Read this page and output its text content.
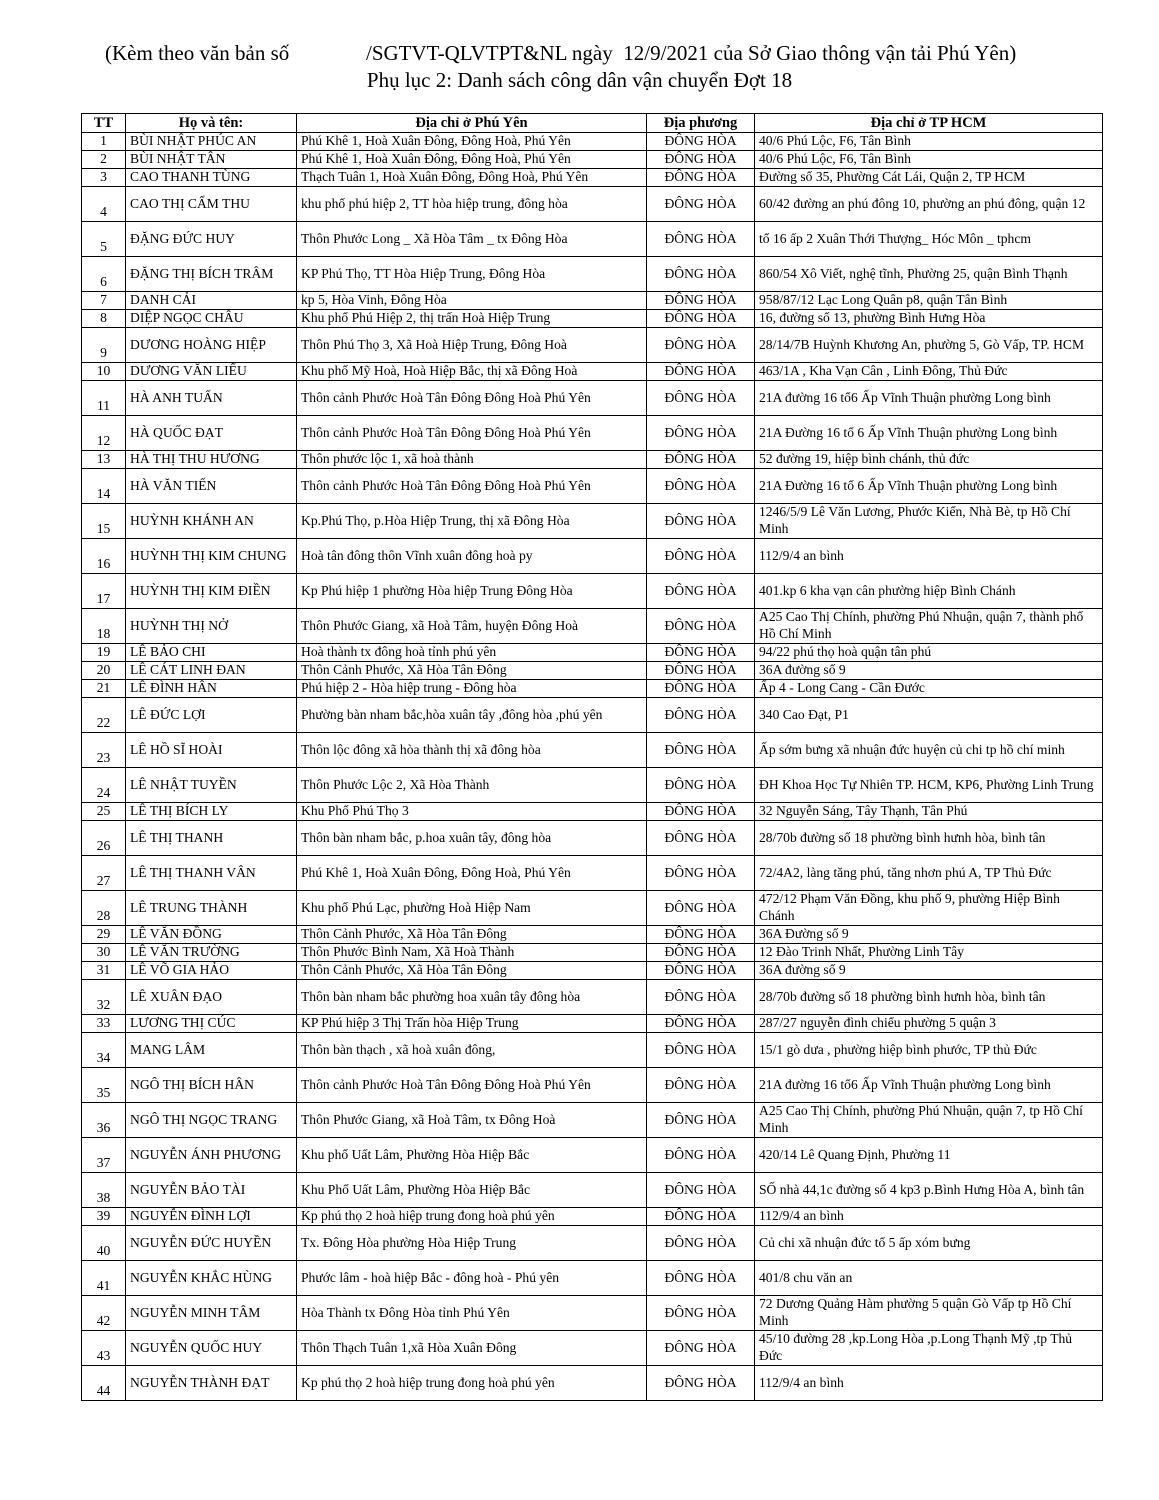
(Kèm theo văn bản số	/SGTVT-QLVTPT&NL ngày  12/9/2021 của Sở Giao thông vận tải Phú Yên)
Phụ lục 2: Danh sách công dân vận chuyển Đợt 18
TT	Họ và tên:	Địa chỉ ở Phú Yên	Địa phương	Địa chỉ ở TP HCM
1	BÙI NHẬT PHÚC AN	Phú Khê 1, Hoà Xuân Đông, Đông Hoà, Phú Yên	ĐÔNG HÒA	40/6 Phú Lộc, F6, Tân Bình
2	BÙI NHẬT TÂN	Phú Khê 1, Hoà Xuân Đông, Đông Hoà, Phú Yên	ĐÔNG HÒA	40/6 Phú Lộc, F6, Tân Bình
3	CAO THANH TÙNG	Thạch Tuân 1, Hoà Xuân Đông, Đông Hoà, Phú Yên	ĐÔNG HÒA	Đường số 35, Phường Cát Lái, Quận 2, TP HCM
4	CAO THỊ CẨM THU	khu phố phú hiệp 2, TT hòa hiệp trung, đông hòa	ĐÔNG HÒA	60/42 đường an phú đông 10, phường an phú đông, quận 12
5	ĐẶNG ĐỨC HUY	Thôn Phước Long _ Xã Hòa Tâm _ tx Đông Hòa	ĐÔNG HÒA	tổ 16 ấp 2 Xuân Thới Thượng_ Hóc Môn _ tphcm
6	ĐẶNG THỊ BÍCH TRÂM	KP Phú Thọ, TT Hòa Hiệp Trung, Đông Hòa	ĐÔNG HÒA	860/54 Xô Viết, nghệ tĩnh, Phường 25, quận Bình Thạnh
7	DANH CẢI	kp 5, Hòa Vinh, Đông Hòa	ĐÔNG HÒA	958/87/12 Lạc Long Quân p8, quận Tân Bình
8	DIỆP NGỌC CHÂU	Khu phố Phú Hiệp 2, thị trấn Hoà Hiệp Trung	ĐÔNG HÒA	16, đường số 13, phường Bình Hưng Hòa
9	DƯƠNG HOÀNG HIỆP	Thôn Phú Thọ 3, Xã Hoà Hiệp Trung, Đông Hoà	ĐÔNG HÒA	28/14/7B Huỳnh Khương An, phường 5, Gò Vấp, TP. HCM
10	DƯƠNG VĂN LIỂU	Khu phố Mỹ Hoà, Hoà Hiệp Bắc, thị xã Đông Hoà	ĐÔNG HÒA	463/1A , Kha Vạn Cân , Linh Đông, Thủ Đức
11	HÀ ANH TUẤN	Thôn cảnh Phước Hoà Tân Đông Đông Hoà Phú Yên	ĐÔNG HÒA	21A đường 16 tổ6 Ấp Vĩnh Thuận phường Long bình
12	HÀ QUỐC ĐẠT	Thôn cảnh Phước Hoà Tân Đông Đông Hoà Phú Yên	ĐÔNG HÒA	21A Đường 16 tổ 6 Ấp Vĩnh Thuận phường Long bình
13	HÀ THỊ THU HƯƠNG	Thôn phước lộc 1, xã hoà thành	ĐÔNG HÒA	52 đường 19, hiệp bình chánh, thủ đức
14	HÀ VĂN TIẾN	Thôn cảnh Phước Hoà Tân Đông Đông Hoà Phú Yên	ĐÔNG HÒA	21A Đường 16 tổ 6 Ấp Vĩnh Thuận phường Long bình
15	HUỲNH KHÁNH AN	Kp.Phú Thọ, p.Hòa Hiệp Trung, thị xã Đông Hòa	ĐÔNG HÒA	1246/5/9 Lê Văn Lương, Phước Kiển, Nhà Bè, tp Hồ Chí Minh
16	HUỲNH THỊ KIM CHUNG	Hoà tân đông thôn Vĩnh xuân đông hoà py	ĐÔNG HÒA	112/9/4 an bình
17	HUỲNH THỊ KIM ĐIỀN	Kp Phú hiệp 1 phường Hòa hiệp Trung Đông Hòa	ĐÔNG HÒA	401.kp 6 kha vạn cân phường hiệp Bình Chánh
18	HUỲNH THỊ NỞ	Thôn Phước Giang, xã Hoà Tâm, huyện Đông Hoà	ĐÔNG HÒA	A25 Cao Thị Chính, phường Phú Nhuận, quận 7, thành phố Hồ Chí Minh
19	LÊ BẢO CHI	Hoà thành tx đông hoà tỉnh phú yên	ĐÔNG HÒA	94/22 phú thọ hoà quận tân phú
20	LÊ CÁT LINH ĐAN	Thôn Cảnh Phước, Xã Hòa Tân Đông	ĐÔNG HÒA	36A đường số 9
21	LÊ ĐÌNH HÂN	Phú hiệp 2 - Hòa hiệp trung - Đông hòa	ĐÔNG HÒA	Ấp 4 - Long Cang - Cần Đước
22	LÊ ĐỨC LỢI	Phường bàn nham bắc,hòa xuân tây ,đông hòa ,phú yên	ĐÔNG HÒA	340 Cao Đạt, P1
23	LÊ HỒ SĨ HOÀI	Thôn lộc đông xã hòa thành thị xã đông hòa	ĐÔNG HÒA	Ấp sớm bưng xã nhuận đức huyện củ chi tp hồ chí minh
24	LÊ NHẬT TUYỀN	Thôn Phước Lộc 2, Xã Hòa Thành	ĐÔNG HÒA	ĐH Khoa Học Tự Nhiên TP. HCM, KP6, Phường Linh Trung
25	LÊ THỊ BÍCH LY	Khu Phố Phú Thọ 3	ĐÔNG HÒA	32 Nguyễn Sáng, Tây Thạnh, Tân Phú
26	LÊ THỊ THANH	Thôn bàn nham bắc, p.hoa xuân tây, đông hòa	ĐÔNG HÒA	28/70b đường số 18 phường bình hưnh hòa, bình tân
27	LÊ THỊ THANH VÂN	Phú Khê 1, Hoà Xuân Đông, Đông Hoà, Phú Yên	ĐÔNG HÒA	72/4A2, làng tăng phú, tăng nhơn phú A, TP Thủ Đức
28	LÊ TRUNG THÀNH	Khu phố Phú Lạc, phường Hoà Hiệp Nam	ĐÔNG HÒA	472/12 Phạm Văn Đồng, khu phố 9, phường Hiệp Bình Chánh
29	LÊ VĂN ĐỒNG	Thôn Cảnh Phước, Xã Hòa Tân Đông	ĐÔNG HÒA	36A Đường số 9
30	LÊ VĂN TRƯỜNG	Thôn Phước Bình Nam, Xã Hoà Thành	ĐÔNG HÒA	12 Đào Trinh Nhất, Phường Linh Tây
31	LÊ VÕ GIA HẢO	Thôn Cảnh Phước, Xã Hòa Tân Đông	ĐÔNG HÒA	36A đường số 9
32	LÊ XUÂN ĐẠO	Thôn bàn nham bắc phường hoa xuân tây đông hòa	ĐÔNG HÒA	28/70b đường số 18 phường bình hưnh hòa, bình tân
33	LƯƠNG THỊ CÚC	KP Phú hiệp 3 Thị Trấn hòa Hiệp Trung	ĐÔNG HÒA	287/27 nguyễn đình chiểu phường 5 quận 3
34	MANG LÂM	Thôn bàn thạch , xã hoà xuân đông,	ĐÔNG HÒA	15/1 gò dưa , phường hiệp bình phước, TP thủ Đức
35	NGÔ THỊ BÍCH HÂN	Thôn cảnh Phước Hoà Tân Đông Đông Hoà Phú Yên	ĐÔNG HÒA	21A đường 16 tổ6 Ấp Vĩnh Thuận phường Long bình
36	NGÔ THỊ NGỌC TRANG	Thôn Phước Giang, xã Hoà Tâm, tx Đông Hoà	ĐÔNG HÒA	A25 Cao Thị Chính, phường Phú Nhuận, quận 7, tp Hồ Chí Minh
37	NGUYỄN ÁNH PHƯƠNG	Khu phố Uất Lâm, Phường Hòa Hiệp Bắc	ĐÔNG HÒA	420/14 Lê Quang Định, Phường 11
38	NGUYỄN BẢO TÀI	Khu Phố Uất Lâm, Phường Hòa Hiệp Bắc	ĐÔNG HÒA	SỐ nhà 44,1c đường số 4 kp3 p.Bình Hưng Hòa A, bình tân
39	NGUYỄN ĐÌNH LỢI	Kp phú thọ 2 hoà hiệp trung đong hoà phú yên	ĐÔNG HÒA	112/9/4 an bình
40	NGUYỄN ĐỨC HUYỀN	Tx. Đông Hòa phường Hòa Hiệp Trung	ĐÔNG HÒA	Củ chi xã nhuận đức tổ 5 ấp xóm bưng
41	NGUYỄN KHẮC HÙNG	Phước lâm - hoà hiệp Bắc - đông hoà - Phú yên	ĐÔNG HÒA	401/8 chu văn an
42	NGUYỄN MINH TÂM	Hòa Thành tx Đông Hòa tỉnh Phú Yên	ĐÔNG HÒA	72 Dương Quảng Hàm phường 5 quận Gò Vấp tp Hồ Chí Minh
43	NGUYỄN QUỐC HUY	Thôn Thạch Tuân 1,xã Hòa Xuân Đông	ĐÔNG HÒA	45/10 đường 28 ,kp.Long Hòa ,p.Long Thạnh Mỹ ,tp Thủ Đức
44	NGUYỄN THÀNH ĐẠT	Kp phú thọ 2 hoà hiệp trung đong hoà phú yên	ĐÔNG HÒA	112/9/4 an bình
